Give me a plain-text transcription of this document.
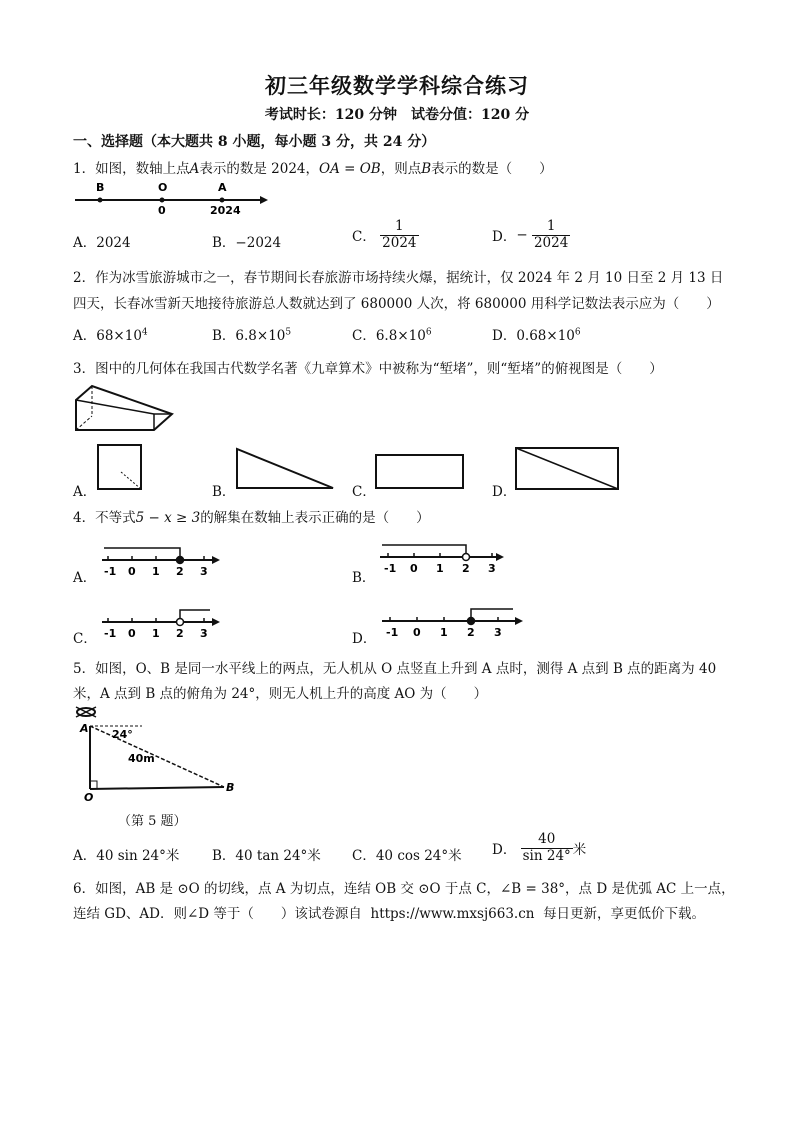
初三年级数学学科综合练习
考试时长：120 分钟　试卷分值：120 分
一、选择题（本大题共 8 小题，每小题 3 分，共 24 分）
1．如图，数轴上点A表示的数是 2024，OA = OB，则点B表示的数是（　　）
B	O	A
0	2024
A．2024	B．−2024	C． $\frac{1}{2024}$	D．− $\frac{1}{2024}$
2．作为冰雪旅游城市之一，春节期间长春旅游市场持续火爆，据统计，仅 2024 年 2 月 10 日至 2 月 13 日
四天，长春冰雪新天地接待旅游总人数就达到了 680000 人次，将 680000 用科学记数法表示应为（　　）
A．$68\times 10^4$	B．$6.8\times 10^5$	C．$6.8\times 10^6$	D．$0.68\times 10^6$
3．图中的几何体在我国古代数学名著《九章算术》中被称为“堑堵”，则“堑堵”的俯视图是（　　）
A．	B．	C．	D．
4．不等式5 − x ≥ 3的解集在数轴上表示正确的是（　　）
A． -1 0 1 2 3	B．
-1 0 1 2 3
C． -1 0 1 2 3	D． -1 0 1 2 3
5．如图，O、B 是同一水平线上的两点，无人机从 O 点竖直上升到 A 点时，测得 A 点到 B 点的距离为 40
米，A 点到 B 点的俯角为 24°，则无人机上升的高度 AO 为（　　）
A 24°
40m
O
B
（第 5 题）
A．40 sin 24°米 B．40 tan 24°米 C．40 cos 24°米 D． $\frac{40}{\sin 24^\circ}$ 米
6．如图，AB 是 ⊙O 的切线，点 A 为切点，连结 OB 交 ⊙O 于点 C，∠B = 38°，点 D 是优弧 AC 上一点，
连结 GD、AD．则∠D 等于（　　）该试卷源自 https://www.mxsj663.cn 每日更新，享更低价下载。
